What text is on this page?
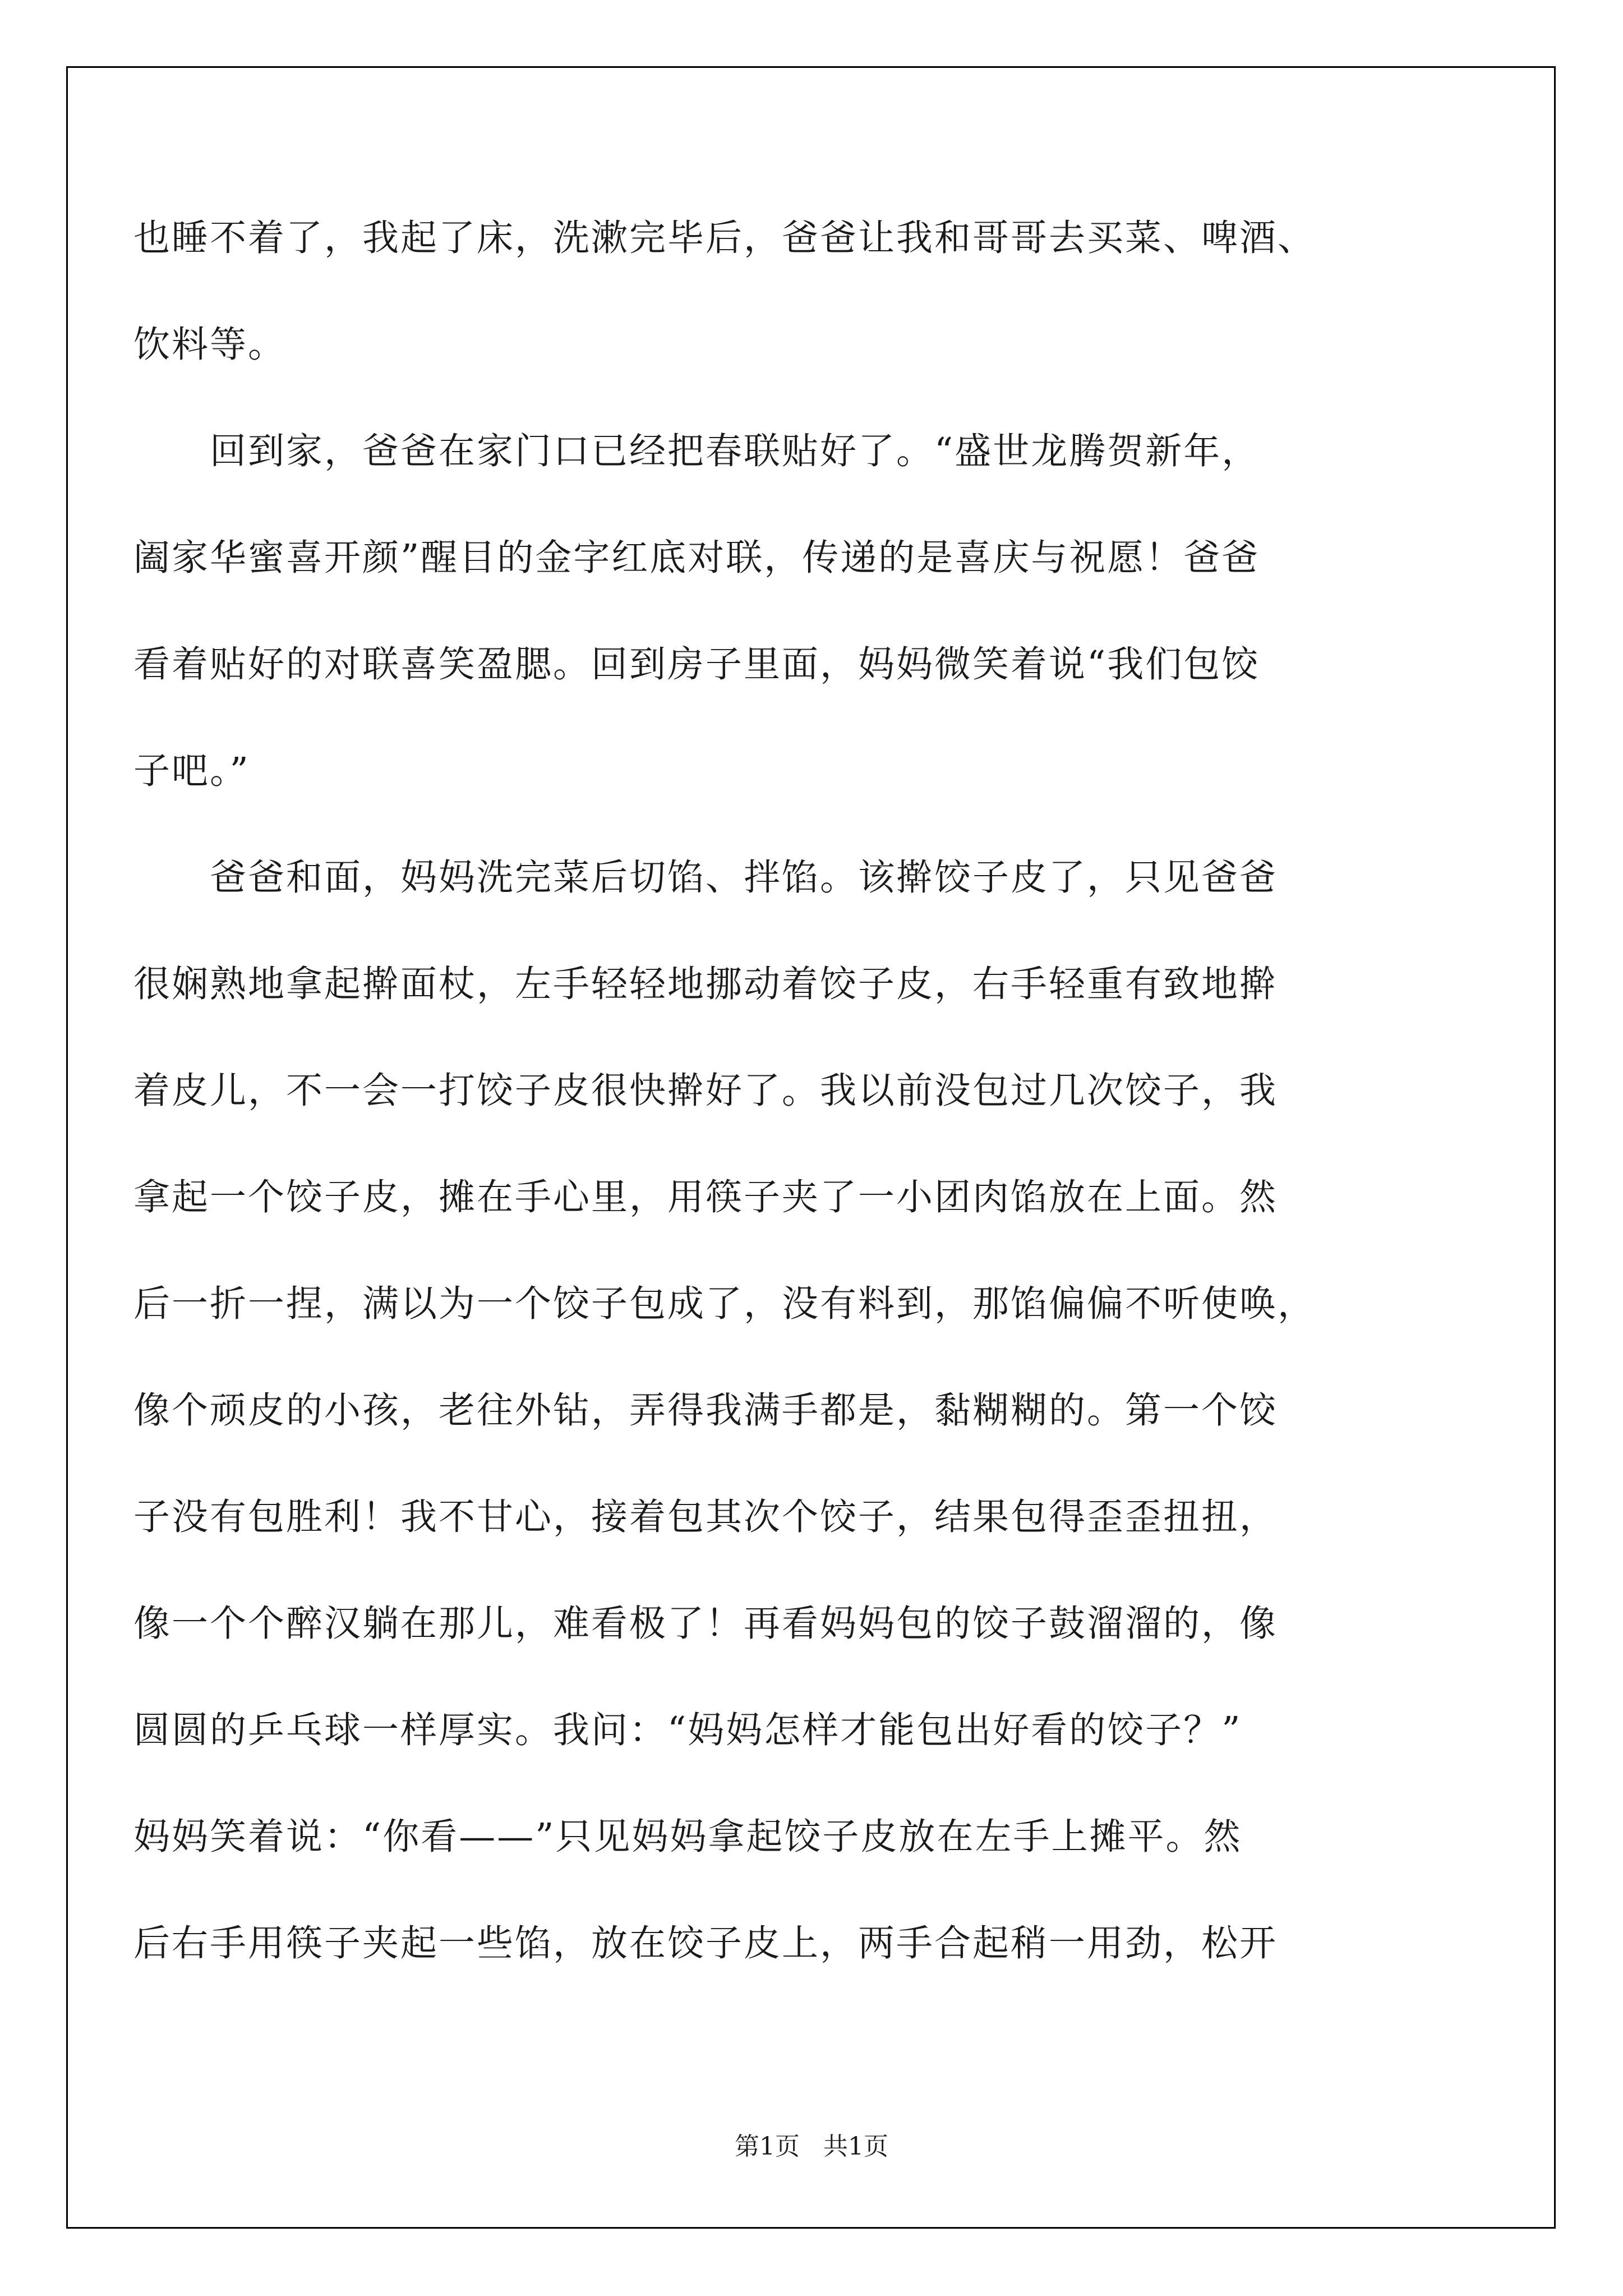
也睡不着了，我起了床，洗漱完毕后，爸爸让我和哥哥去买菜、啤酒、
饮料等。
　　回到家，爸爸在家门口已经把春联贴好了。“盛世龙腾贺新年，
阖家华蜜喜开颜”醒目的金字红底对联，传递的是喜庆与祝愿！爸爸
看着贴好的对联喜笑盈腮。回到房子里面，妈妈微笑着说“我们包饺
子吧。”
　　爸爸和面，妈妈洗完菜后切馅、拌馅。该擀饺子皮了，只见爸爸
很娴熟地拿起擀面杖，左手轻轻地挪动着饺子皮，右手轻重有致地擀
着皮儿，不一会一打饺子皮很快擀好了。我以前没包过几次饺子，我
拿起一个饺子皮，摊在手心里，用筷子夹了一小团肉馅放在上面。然
后一折一捏，满以为一个饺子包成了，没有料到，那馅偏偏不听使唤，
像个顽皮的小孩，老往外钻，弄得我满手都是，黏糊糊的。第一个饺
子没有包胜利！我不甘心，接着包其次个饺子，结果包得歪歪扭扭，
像一个个醉汉躺在那儿，难看极了！再看妈妈包的饺子鼓溜溜的，像
圆圆的乒乓球一样厚实。我问：“妈妈怎样才能包出好看的饺子？”
妈妈笑着说：“你看——”只见妈妈拿起饺子皮放在左手上摊平。然
后右手用筷子夹起一些馅，放在饺子皮上，两手合起稍一用劲，松开
第1页 共1页
